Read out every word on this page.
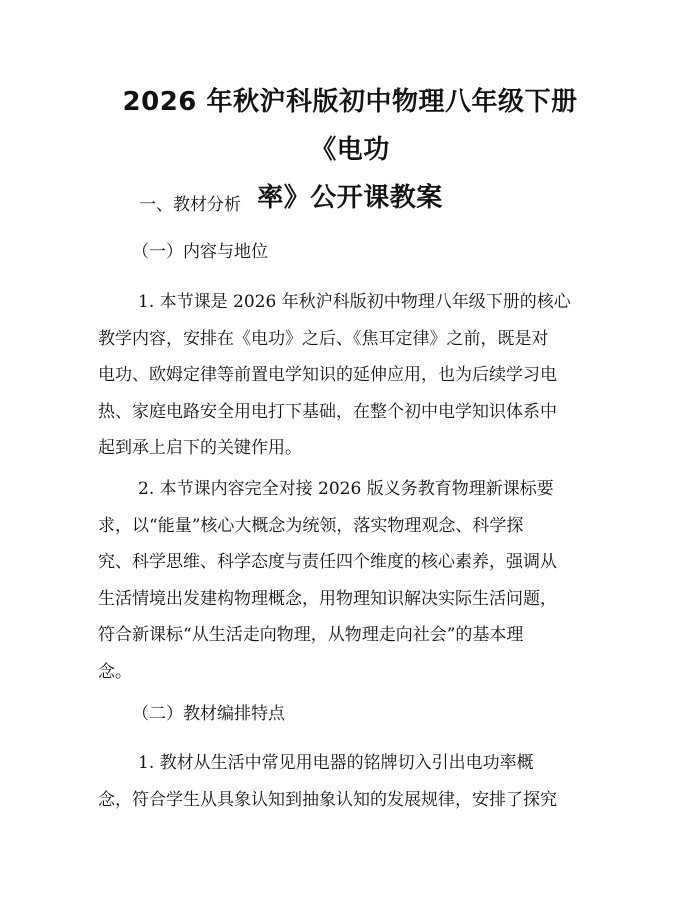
2026 年秋沪科版初中物理八年级下册《电功
率》公开课教案
一、教材分析
（一）内容与地位
1. 本节课是 2026 年秋沪科版初中物理八年级下册的核心
教学内容，安排在《电功》之后、《焦耳定律》之前，既是对
电功、欧姆定律等前置电学知识的延伸应用，也为后续学习电
热、家庭电路安全用电打下基础，在整个初中电学知识体系中
起到承上启下的关键作用。
2. 本节课内容完全对接 2026 版义务教育物理新课标要
求，以“能量”核心大概念为统领，落实物理观念、科学探
究、科学思维、科学态度与责任四个维度的核心素养，强调从
生活情境出发建构物理概念，用物理知识解决实际生活问题，
符合新课标“从生活走向物理，从物理走向社会”的基本理
念。
（二）教材编排特点
1. 教材从生活中常见用电器的铭牌切入引出电功率概
念，符合学生从具象认知到抽象认知的发展规律，安排了探究
